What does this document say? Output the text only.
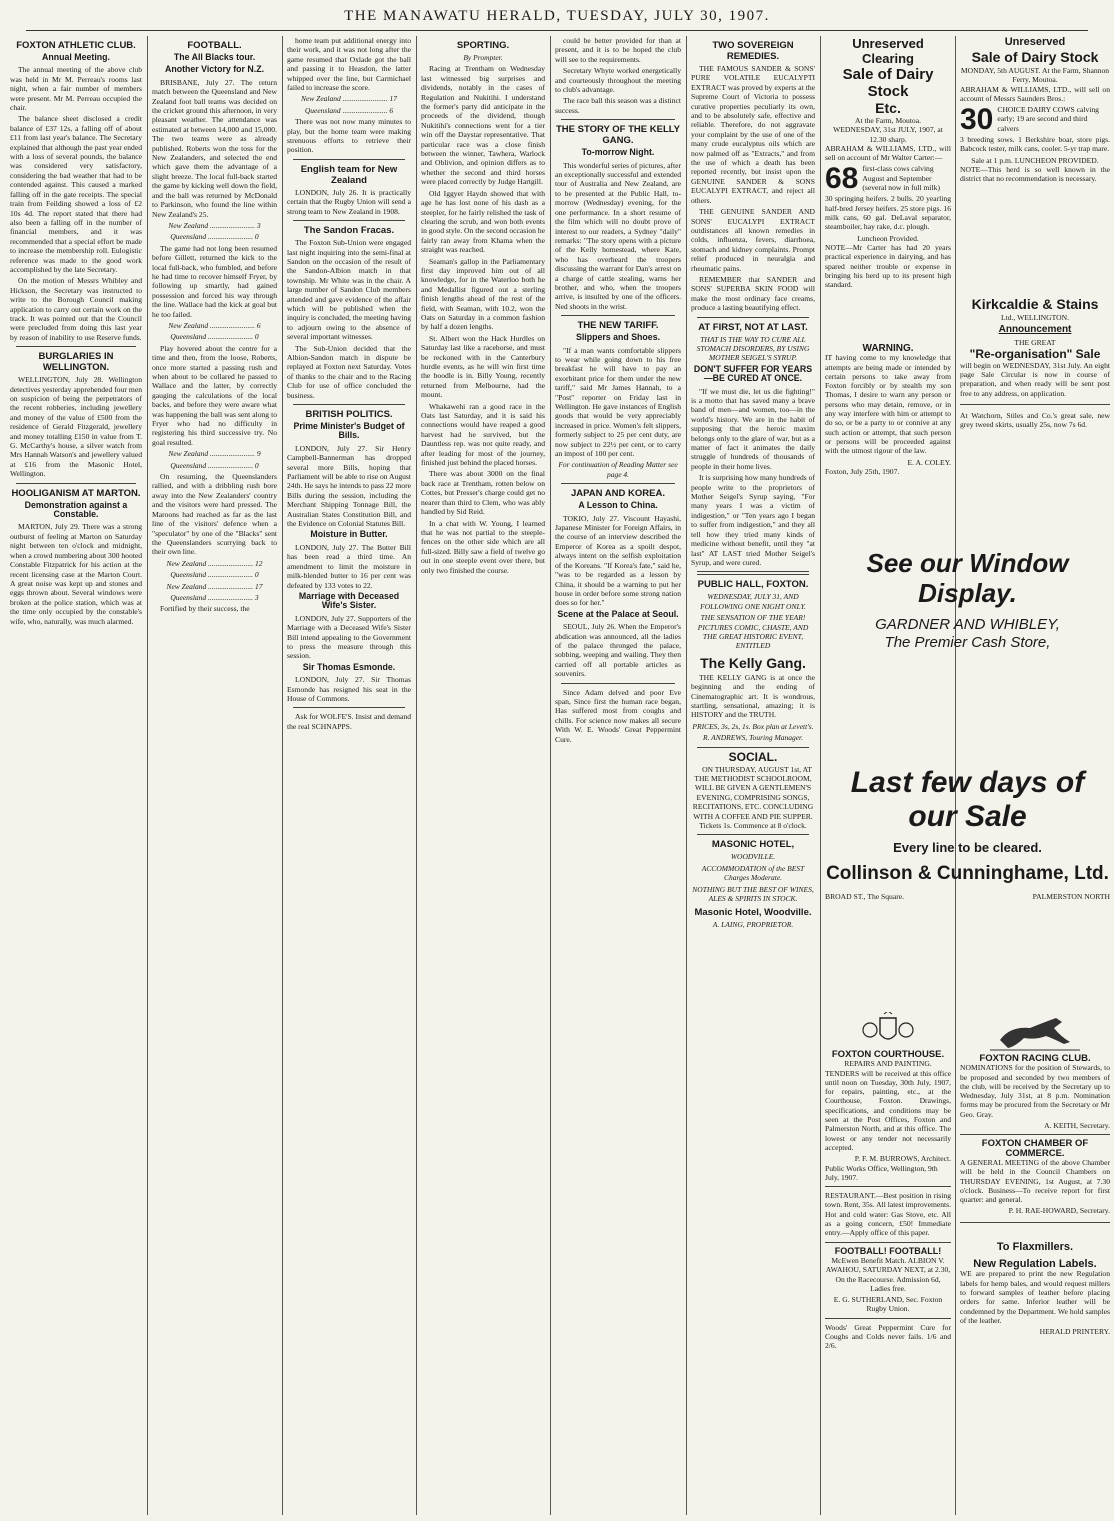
THE MANAWATU HERALD, TUESDAY, JULY 30, 1907.
FOXTON ATHLETIC CLUB.
Annual Meeting.

The annual meeting of the above club was held in Mr M. Perreau's rooms last night, when a fair number of members were present. Mr M. Perreau occupied the chair.

The balance sheet disclosed a credit balance of £37 12s, a falling off of about £11 from last year's balance. The Secretary explained that although the past year ended with a loss of several pounds, the balance was considered very satisfactory, considering the bad weather that had to be contended against. This caused a marked falling off in the gate receipts. The special train from Feilding showed a loss of £2 10s 4d. The report stated that there had also been a falling off in the number of financial members, and it was recommended that a special effort be made to increase the membership roll. Eulogistic reference was made to the good work accomplished by the late Secretary.

On the motion of Messrs Whibley and Hickson, the Secretary was instructed to write to the Borough Council making application to carry out certain work on the track. It was pointed out that the Council were precluded from doing this last year by reason of inability to use Reserve funds.

BURGLARIES IN WELLINGTON.

WELLINGTON, July 28. Wellington detectives yesterday apprehended four men on suspicion of being the perpetrators of the recent robberies, including jewellery and money of the value of £500 from the residence of Gerald Fitzgerald, jewellery and money totalling £150 in value from T. G. McCarthy's house, a silver watch from Mrs Hannah Watson's and jewellery valued at £16 from the Masonic Hotel, Wellington.

HOOLIGANISM AT MARTON.
Demonstration against a Constable.

MARTON, July 29. There was a strong outburst of feeling at Marton on Saturday night between ten o'clock and midnight, when a crowd numbering about 300 hooted Constable Fitzpatrick for his action at the recent licensing case at the Marton Court. A great noise was kept up and stones and eggs thrown about. Several windows were broken at the police station, which was at the time only occupied by the constable's wife, who, naturally, was much alarmed.

FOOTBALL.
The All Blacks tour.
Another Victory for N.Z.

BRISBANE, July 27. The return match between the Queensland and New Zealand foot ball teams was decided on the cricket ground this afternoon, in very pleasant weather. The attendance was estimated at between 14,000 and 15,000. The two teams were as already published. Roberts won the toss for the New Zealanders, and selected the end which gave them the advantage of a slight breeze. The local full-back started the game by kicking well down the field, and the ball was returned by McDonald to Parkinson, who found the line within New Zealand's 25.

New Zealand ........................ 3
Queensland ........................ 0

The game had not long been resumed before Gillett, returned the kick to the local full-back, who fumbled, and before he had time to recover himself Fryer, by following up smartly, had gained possession and forced his way through the line. Wallace had the kick at goal but he too failed.

New Zealand ........................ 6
Queensland ........................ 0

Play hovered about the centre for a time and then, from the loose, Roberts, once more started a passing rush and when about to be collared he passed to Wallace and the latter, by correctly gauging the calculations of the local backs, and before they were aware what was happening the ball was sent along to Fryer who had no difficulty in registering his third successive try. No goal resulted.

New Zealand ........................ 9
Queensland ........................ 0

On resuming, the Queenslanders rallied, and with a dribbling rush bore away into the New Zealanders' country and the visitors were hard pressed. The Maroons had reached as far as the last line of the visitors' defence when a "speculator" by one of the "Blacks" sent the Queenslanders scurrying back to their own line.

New Zealand ........................ 12
Queensland ........................ 0
New Zealand ........................ 17
Queensland ........................ 3

Fortified by their success, the

home team put additional energy into their work, and it was not long after the game resumed that Oxlade got the ball and passing it to Heasdon, the latter whipped over the line, but Carmichael failed to increase the score.

New Zealand ........................ 17
Queensland ........................ 6

There was not now many minutes to play, but the home team were making strenuous efforts to retrieve their position.

English team for New Zealand

LONDON, July 26. It is practically certain that the Rugby Union will send a strong team to New Zealand in 1908.

The Sandon Fracas.

The Foxton Sub-Union were engaged last night inquiring into the semi-final at Sandon on the occasion of the result of the Sandon-Albion match in that township. Mr White was in the chair. A large number of Sandon Club members attended and gave evidence of the affair which will be published when the inquiry is concluded, the meeting having to adjourn owing to the absence of several important witnesses.

The Sub-Union decided that the Albion-Sandon match in dispute be replayed at Foxton next Saturday. Votes of thanks to the chair and to the Racing Club for use of office concluded the business.

BRITISH POLITICS.
Prime Minister's Budget of Bills.

LONDON, July 27. Sir Henry Campbell-Bannerman has dropped several more Bills, hoping that Parliament will be able to rise on August 24th. He says he intends to pass 22 more Bills during the session, including the Merchant Shipping Tonnage Bill, the Australian States Constitution Bill, and the Evidence on Colonial Statutes Bill.

Moisture in Butter.

LONDON, July 27. The Butter Bill has been read a third time. An amendment to limit the moisture in milk-blended butter to 16 per cent was defeated by 133 votes to 22.

Marriage with Deceased Wife's Sister.

LONDON, July 27. Supporters of the Marriage with a Deceased Wife's Sister Bill intend appealing to the Government to press the measure through this session.

Sir Thomas Esmonde.

LONDON, July 27. Sir Thomas Esmonde has resigned his seat in the House of Commons.

Ask for WOLFE'S. Insist and demand the real SCHNAPPS.

SPORTING.
By Prompter.

Racing at Trentham on Wednesday last witnessed big surprises and dividends, notably in the cases of Regulation and Nukitihi. I understand the former's party did anticipate in the proceeds of the dividend, though Nukitihi's connections went for a tier win off the Daystar representative. That particular race was a close finish between the winner, Tawhera, Warlock and Oblivion, and opinion differs as to whether the second and third horses were placed correctly by Judge Hartgill.

Old Iggyer Haydn showed that with age he has lost none of his dash as a steepler, for he fairly relished the task of clearing the scrub, and won both events in good style. On the second occasion he fairly ran away from Khama when the straight was reached.

Seaman's gallop in the Parliamentary first day improved him out of all knowledge, for in the Waterloo both he and Medallist figured out a sterling finish lengths ahead of the rest of the field, with Seaman, with 10.2, won the Oats on Saturday in a common fashion by half a dozen lengths.

St. Albert won the Hack Hurdles on Saturday last like a racehorse, and must be reckoned with in the Canterbury hurdle events, as he will win first time the boodle is in. Billy Young, recently returned from Melbourne, had the mount.

Whakawehi ran a good race in the Oats last Saturday, and it is said his connections would have reaped a good harvest had he survived, but the Dauntless rep. was not quite ready, and after leading for most of the journey, finished just behind the placed horses.

There was about 3000 on the final back race at Trentham, rotten below on Cottes, but Presser's charge could get no nearer than third to Clem, who was ably handled by Sid Reid.

In a chat with W. Young, I learned that he was not partial to the steeple-fences on the other side which are all full-sized. Billy saw a field of twelve go out in one steeple event over there, but only two finished the course.

could be better provided for than at present, and it is to be hoped the club will see to the requirements.

Secretary Whyte worked energetically and courteously throughout the meeting to club's advantage.

The race ball this season was a distinct success.

THE STORY OF THE KELLY GANG.
To-morrow Night.

This wonderful series of pictures, after an exceptionally successful and extended tour of Australia and New Zealand, are to be presented at the Public Hall, to-morrow (Wednesday) evening, for the one performance. In a short resume of the film which will no doubt prove of interest to our readers, a Sydney "daily" remarks: "The story opens with a picture of the Kelly homestead, where Kate, who has overheard the troopers discussing the warrant for Dan's arrest on a charge of cattle stealing, warns her brother, and who, when the troopers arrive, is insulted by one of the officers. Ned shoots in the wrist.

THE NEW TARIFF.
Slippers and Shoes.

"If a man wants comfortable slippers to wear while going down to his free breakfast he will have to pay an exorbitant price for them under the new tariff," said Mr James Hannah, to a "Post" reporter on Friday last in Wellington. He gave instances of English goods that would be very appreciably increased in price. Women's felt slippers, formerly subject to 25 per cent duty, are now subject to 22½ per cent, or to carry an impost of 100 per cent.

For continuation of Reading Matter see page 4.
JAPAN AND KOREA.
A Lesson to China.

TOKIO, July 27. Viscount Hayashi, Japanese Minister for Foreign Affairs, in the course of an interview described the Emperor of Korea as a spoilt despot, always intent on the selfish exploitation of the Koreans. "If Korea's fate," said he, "was to be regarded as a lesson by China, it should be a warning to put her house in order before some strong nation does so for her."

Scene at the Palace at Seoul.

SEOUL, July 26. When the Emperor's abdication was announced, all the ladies of the palace thronged the palace, sobbing, weeping and wailing. They then carried off all portable articles as souvenirs.

Since Adam delved and poor Eve span, Since first the human race began, Has suffered most from coughs and chills. For science now makes all secure With W. E. Woods' Great Peppermint Cure.

TWO SOVEREIGN REMEDIES.

THE FAMOUS SANDER & SONS' PURE VOLATILE EUCALYPTI EXTRACT was proved by experts at the Supreme Court of Victoria to possess curative properties peculiarly its own, and to be absolutely safe, effective and reliable. Therefore, do not aggravate your complaint by the use of one of the many crude eucalyptus oils which are now palmed off as "Extracts," and from the use of which a death has been reported recently, but insist upon the GENUINE SANDER & SONS EUCALYPI EXTRACT, and reject all others.

THE GENUINE SANDER AND SONS' EUCALYPI EXTRACT outdistances all known remedies in colds, influenza, fevers, diarrhoea, stomach and kidney complaints. Prompt relief produced in neuralgia and rheumatic pains.

REMEMBER that SANDER and SONS' SUPERBA SKIN FOOD will make the most ordinary face creams, produce a lasting beautifying effect.

AT FIRST, NOT AT LAST.
THAT IS THE WAY TO CURE ALL STOMACH DISORDERS, BY USING MOTHER SEIGEL'S SYRUP.
DON'T SUFFER FOR YEARS—BE CURED AT ONCE.

"If we must die, let us die fighting!" is a motto that has saved many a brave band of men—and women, too—in the world's history. We are in the habit of supposing that the heroic maxim belongs only to the glare of war, but as a matter of fact it animates the daily struggle of hundreds of thousands of people in their home lives.

It is surprising how many hundreds of people write to the proprietors of Mother Seigel's Syrup saying, "For many years I was a victim of indigestion," or "Ten years ago I began to suffer from indigestion," and they all tell how they tried many kinds of medicine without benefit, until they "at last" AT LAST tried Mother Seigel's Syrup, and were cured.

PUBLIC HALL, FOXTON.
WEDNESDAY, JULY 31, AND FOLLOWING ONE NIGHT ONLY.
THE SENSATION OF THE YEAR! PICTURES COMIC, CHASTE, AND THE GREAT HISTORIC EVENT, ENTITLED
The Kelly Gang.

THE KELLY GANG is at once the beginning and the ending of Cinematographic art. It is wondrous, startling, sensational, amazing; it is HISTORY and the TRUTH.

PRICES, 3s, 2s, 1s. Box plan at Levett's.
R. ANDREWS, Touring Manager.
SOCIAL.

ON THURSDAY, AUGUST 1st, AT THE METHODIST SCHOOLROOM, WILL BE GIVEN A GENTLEMEN'S EVENING, COMPRISING SONGS, RECITATIONS, ETC. CONCLUDING WITH A COFFEE AND PIE SUPPER. Tickets 1s. Commence at 8 o'clock.

MASONIC HOTEL,
WOODVILLE.
ACCOMMODATION of the BEST Charges Moderate.
NOTHING BUT THE BEST OF WINES, ALES & SPIRITS IN STOCK.
Masonic Hotel, Woodville.
A. LAING, PROPRIETOR.
Unreserved Clearing
Sale of Dairy Stock
Etc.
At the Farm, Moutoa.
WEDNESDAY, 31st JULY, 1907, at 12.30 sharp.

ABRAHAM & WILLIAMS, LTD., will sell on account of Mr Walter Carter:—

68 first-class cows calving August and September (several now in full milk)

30 springing heifers. 2 bulls. 20 yearling half-bred Jersey heifers. 25 store pigs. 16 milk cans, 60 gal. DeLaval separator, steamboiler, hay rake, d.c. plough.

Luncheon Provided.

NOTE—Mr Carter has had 20 years practical experience in dairying, and has spared neither trouble or expense in bringing his herd up to its present high standard.

WARNING.

IT having come to my knowledge that attempts are being made or intended by certain persons to take away from Foxton forcibly or by stealth my son Thomas, I desire to warn any person or persons who may detain, remove, or in any way interfere with him or attempt to do so, or be a party to or connive at any such action or attempt, that such person or persons will be proceeded against with the utmost rigour of the law.

E. A. COLEY.
Foxton, July 25th, 1907.
See our Window Display.
GARDNER AND WHIBLEY,
The Premier Cash Store,
Last few days of our Sale
Every line to be cleared.
Collinson & Cunninghame, Ltd.
BROAD ST., The Square.	PALMERSTON NORTH
FOXTON COURTHOUSE.
REPAIRS AND PAINTING.

TENDERS will be received at this office until noon on Tuesday, 30th July, 1907, for repairs, painting, etc., at the Courthouse, Foxton. Drawings, specifications, and conditions may be seen at the Post Offices, Foxton and Palmerston North, and at this office. The lowest or any tender not necessarily accepted.

P. F. M. BURROWS, Architect.
Public Works Office, Wellington, 9th July, 1907.

RESTAURANT.—Best position in rising town. Rent, 35s. All latest improvements. Hot and cold water: Gas Stove, etc. All as a going concern, £50! Immediate entry.—Apply office of this paper.

FOOTBALL! FOOTBALL!

McEwen Benefit Match. ALBION V. AWAHOU, SATURDAY NEXT, at 2.30, On the Racecourse. Admission 6d, Ladies free.

E. G. SUTHERLAND, Sec. Foxton Rugby Union.

Woods' Great Peppermint Cure for Coughs and Colds never fails. 1/6 and 2/6.

Unreserved
Sale of Dairy Stock
MONDAY, 5th AUGUST. At the Farm, Shannon Ferry, Moutoa.

ABRAHAM & WILLIAMS, LTD., will sell on account of Messrs Saunders Bros.:

30 CHOICE DAIRY COWS calving early; 19 are second and third calvers

3 breeding sows. 1 Berkshire boar, store pigs. Babcock tester, milk cans, cooler. 5-yr trap mare.

Sale at 1 p.m. LUNCHEON PROVIDED.

NOTE—This herd is so well known in the district that no recommendation is necessary.

Kirkcaldie & Stains
Ltd., WELLINGTON.
Announcement
THE GREAT
"Re-organisation" Sale

will begin on WEDNESDAY, 31st July. An eight page Sale Circular is now in course of preparation, and when ready will be sent post free to any address, on application.

At Watchorn, Stiles and Co.'s great sale, new grey tweed skirts, usually 25s, now 7s 6d.

FOXTON RACING CLUB.

NOMINATIONS for the position of Stewards, to be proposed and seconded by two members of the club, will be received by the Secretary up to Wednesday, July 31st, at 8 p.m. Nomination forms may be procured from the Secretary or Mr Geo. Gray.

A. KEITH, Secretary.
FOXTON CHAMBER OF COMMERCE.

A GENERAL MEETING of the above Chamber will be held in the Council Chambers on THURSDAY EVENING, 1st August, at 7.30 o'clock. Business—To receive report for first quarter: and general.

P. H. RAE-HOWARD, Secretary.
To Flaxmillers.
New Regulation Labels.

WE are prepared to print the new Regulation labels for hemp bales, and would request millers to forward samples of leather before placing orders for same. Inferior leather will be condemned by the Department. We hold samples of the leather.

HERALD PRINTERY.
